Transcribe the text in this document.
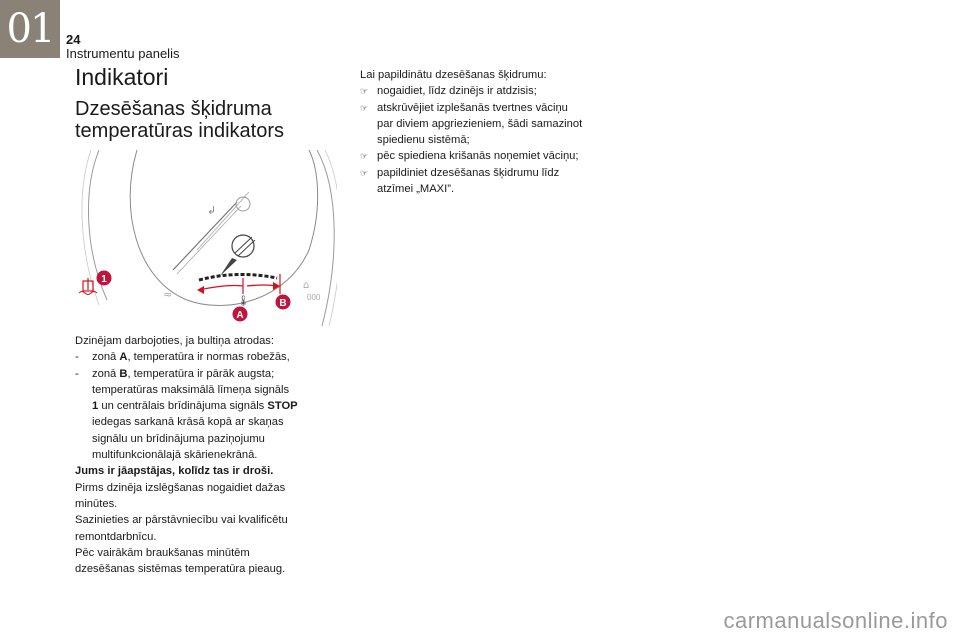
01 24
Instrumentu panelis
Indikatori
Dzesēšanas šķidruma
temperatūras indikators
🌡
≈	000
⌂
↲
1
B
A

Dzinējam darbojoties, ja bultiņa atrodas:

- zonā A, temperatūra ir normas robežās,

- zonā B, temperatūra ir pārāk augsta;

temperatūras maksimālā līmeņa signāls

1 un centrālais brīdinājuma signāls STOP

iedegas sarkanā krāsā kopā ar skaņas

signālu un brīdinājuma paziņojumu

multifunkcionālajā skārienekrānā.

Jums ir jāapstājas, kolīdz tas ir droši.

Pirms dzinēja izslēgšanas nogaidiet dažas

minūtes.

Sazinieties ar pārstāvniecību vai kvalificētu

remontdarbnīcu.

Pēc vairākām braukšanas minūtēm

dzesēšanas sistēmas temperatūra pieaug.

Lai papildinātu dzesēšanas šķidrumu:

☞ nogaidiet, līdz dzinējs ir atdzisis;

☞ atskrūvējiet izplešanās tvertnes vāciņu

par diviem apgriezieniem, šādi samazinot

spiedienu sistēmā;

☞ pēc spiediena krišanās noņemiet vāciņu;

☞ papildiniet dzesēšanas šķidrumu līdz

atzīmei „MAXI”.

carmanualsonline.info
